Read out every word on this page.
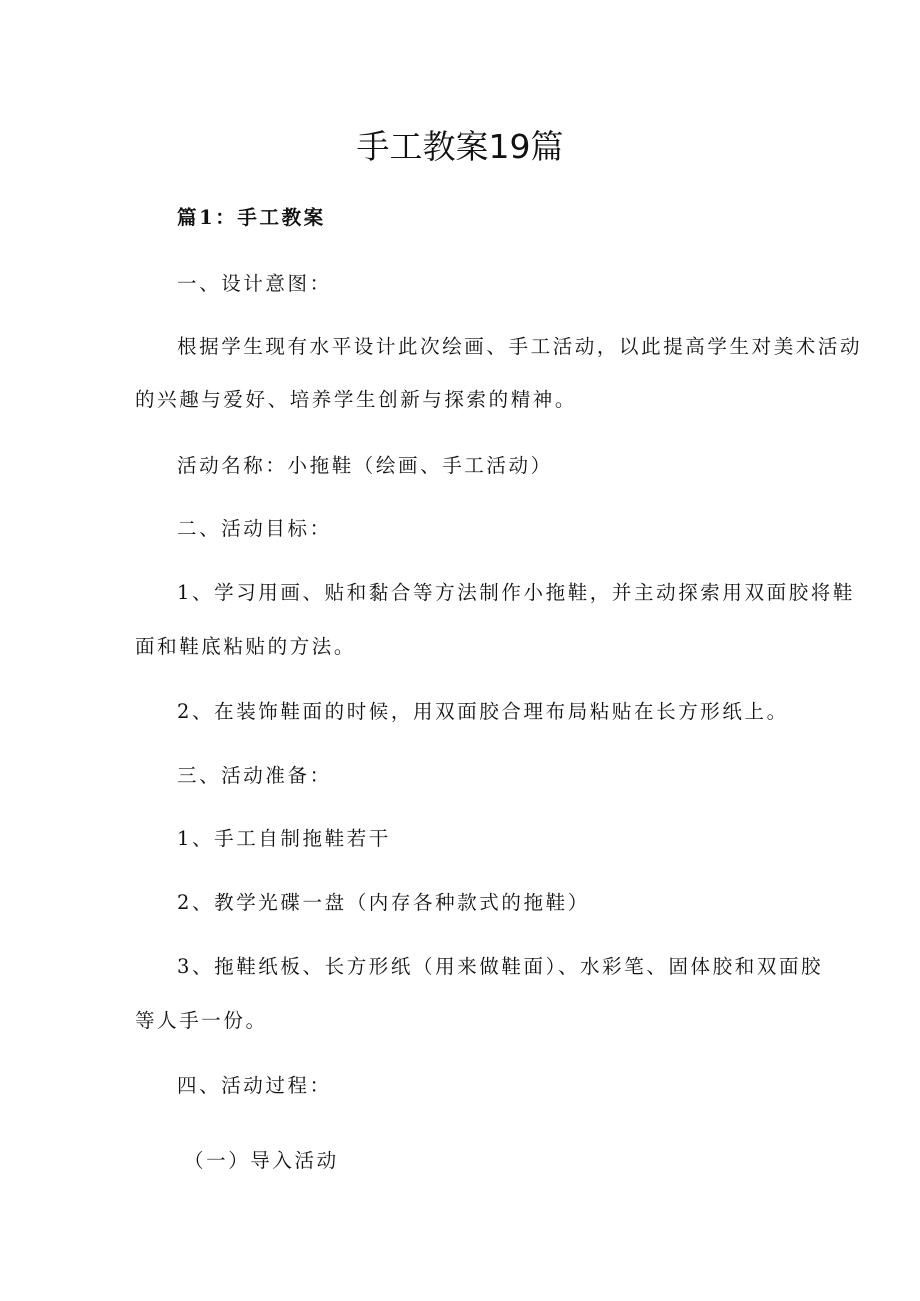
手工教案19篇
篇1：手工教案
一、设计意图：
根据学生现有水平设计此次绘画、手工活动，以此提高学生对美术活动
的兴趣与爱好、培养学生创新与探索的精神。
活动名称：小拖鞋（绘画、手工活动）
二、活动目标：
1、学习用画、贴和黏合等方法制作小拖鞋，并主动探索用双面胶将鞋
面和鞋底粘贴的方法。
2、在装饰鞋面的时候，用双面胶合理布局粘贴在长方形纸上。
三、活动准备：
1、手工自制拖鞋若干
2、教学光碟一盘（内存各种款式的拖鞋）
3、拖鞋纸板、长方形纸（用来做鞋面）、水彩笔、固体胶和双面胶
等人手一份。
四、活动过程：
（一）导入活动
